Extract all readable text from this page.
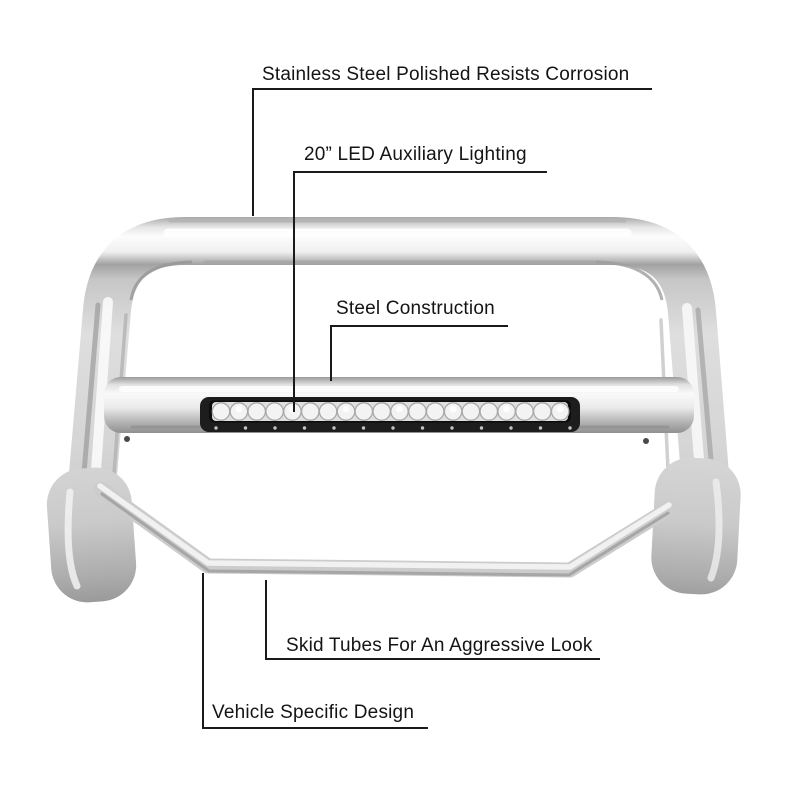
Stainless Steel Polished Resists Corrosion
20” LED Auxiliary Lighting
Steel Construction
Skid Tubes For An Aggressive Look
Vehicle Specific Design
